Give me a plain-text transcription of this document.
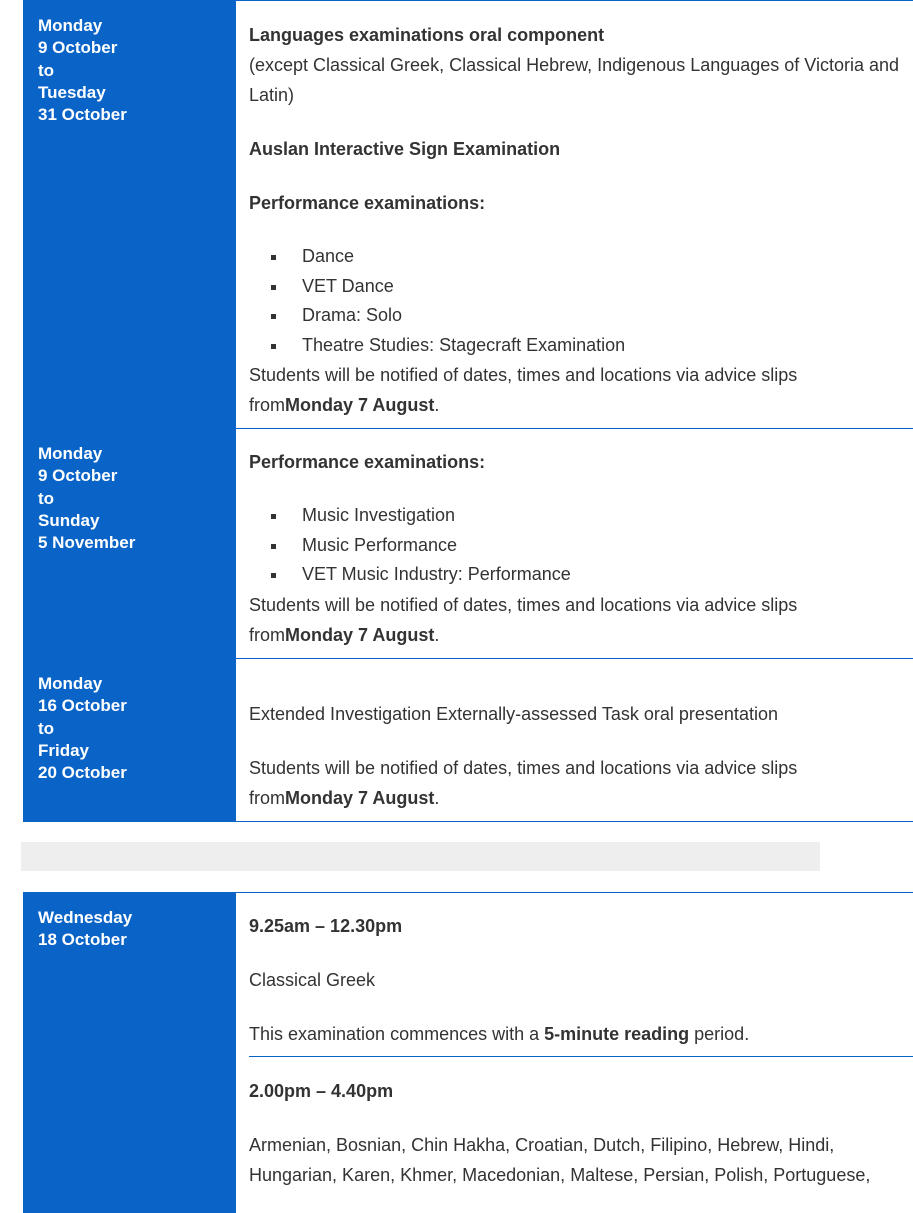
Monday
9 October
to
Tuesday
31 October
Languages examinations oral component
(except Classical Greek, Classical Hebrew, Indigenous Languages of Victoria and
Latin)
Auslan Interactive Sign Examination
Performance examinations:
Dance
VET Dance
Drama: Solo
Theatre Studies: Stagecraft Examination
Students will be notified of dates, times and locations via advice slips
fromMonday 7 August.
Monday
9 October
to
Sunday
5 November
Performance examinations:
Music Investigation
Music Performance
VET Music Industry: Performance
Students will be notified of dates, times and locations via advice slips
fromMonday 7 August.
Monday
16 October
to
Friday
20 October
Extended Investigation Externally-assessed Task oral presentation
Students will be notified of dates, times and locations via advice slips
fromMonday 7 August.
Wednesday
18 October
9.25am – 12.30pm
Classical Greek
This examination commences with a 5-minute reading period.
2.00pm – 4.40pm
Armenian, Bosnian, Chin Hakha, Croatian, Dutch, Filipino, Hebrew, Hindi,
Hungarian, Karen, Khmer, Macedonian, Maltese, Persian, Polish, Portuguese,
